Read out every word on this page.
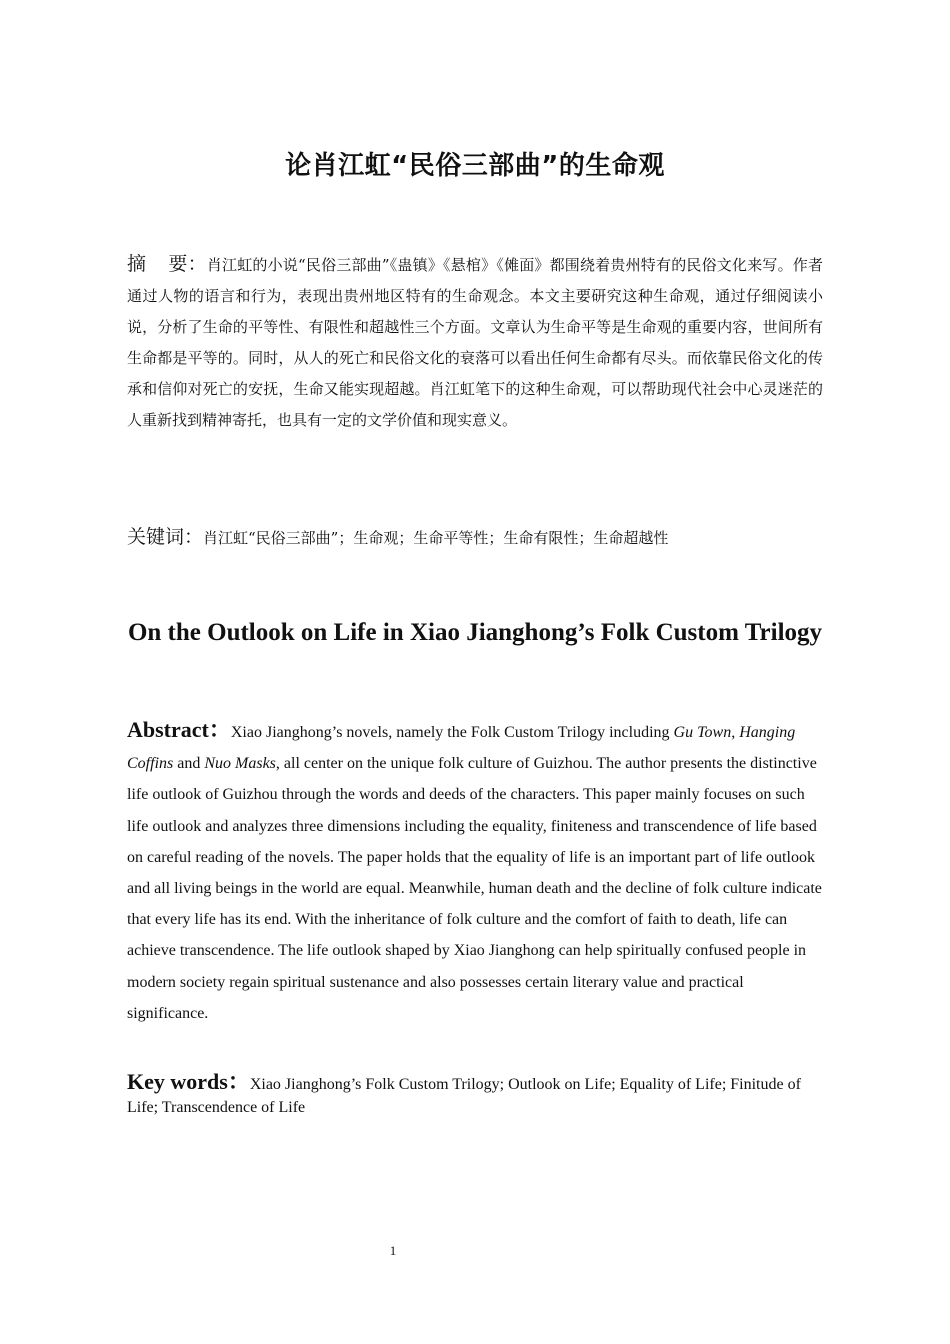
论肖江虹“民俗三部曲”的生命观

摘 要：肖江虹的小说“民俗三部曲”《蛊镇》《悬棺》《傩面》都围绕着贵州特有的民俗文化来写。作者通过人物的语言和行为，表现出贵州地区特有的生命观念。本文主要研究这种生命观，通过仔细阅读小说，分析了生命的平等性、有限性和超越性三个方面。文章认为生命平等是生命观的重要内容，世间所有生命都是平等的。同时，从人的死亡和民俗文化的衰落可以看出任何生命都有尽头。而依靠民俗文化的传承和信仰对死亡的安抚，生命又能实现超越。肖江虹笔下的这种生命观，可以帮助现代社会中心灵迷茫的人重新找到精神寄托，也具有一定的文学价值和现实意义。

关键词：肖江虹“民俗三部曲”；生命观；生命平等性；生命有限性；生命超越性

On the Outlook on Life in Xiao Jianghong’s Folk Custom Trilogy

Abstract：Xiao Jianghong’s novels, namely the Folk Custom Trilogy including Gu Town, Hanging Coffins and Nuo Masks, all center on the unique folk culture of Guizhou. The author presents the distinctive life outlook of Guizhou through the words and deeds of the characters. This paper mainly focuses on such life outlook and analyzes three dimensions including the equality, finiteness and transcendence of life based on careful reading of the novels. The paper holds that the equality of life is an important part of life outlook and all living beings in the world are equal. Meanwhile, human death and the decline of folk culture indicate that every life has its end. With the inheritance of folk culture and the comfort of faith to death, life can achieve transcendence. The life outlook shaped by Xiao Jianghong can help spiritually confused people in modern society regain spiritual sustenance and also possesses certain literary value and practical significance.

Key words：Xiao Jianghong’s Folk Custom Trilogy; Outlook on Life; Equality of Life; Finitude of Life; Transcendence of Life

1
